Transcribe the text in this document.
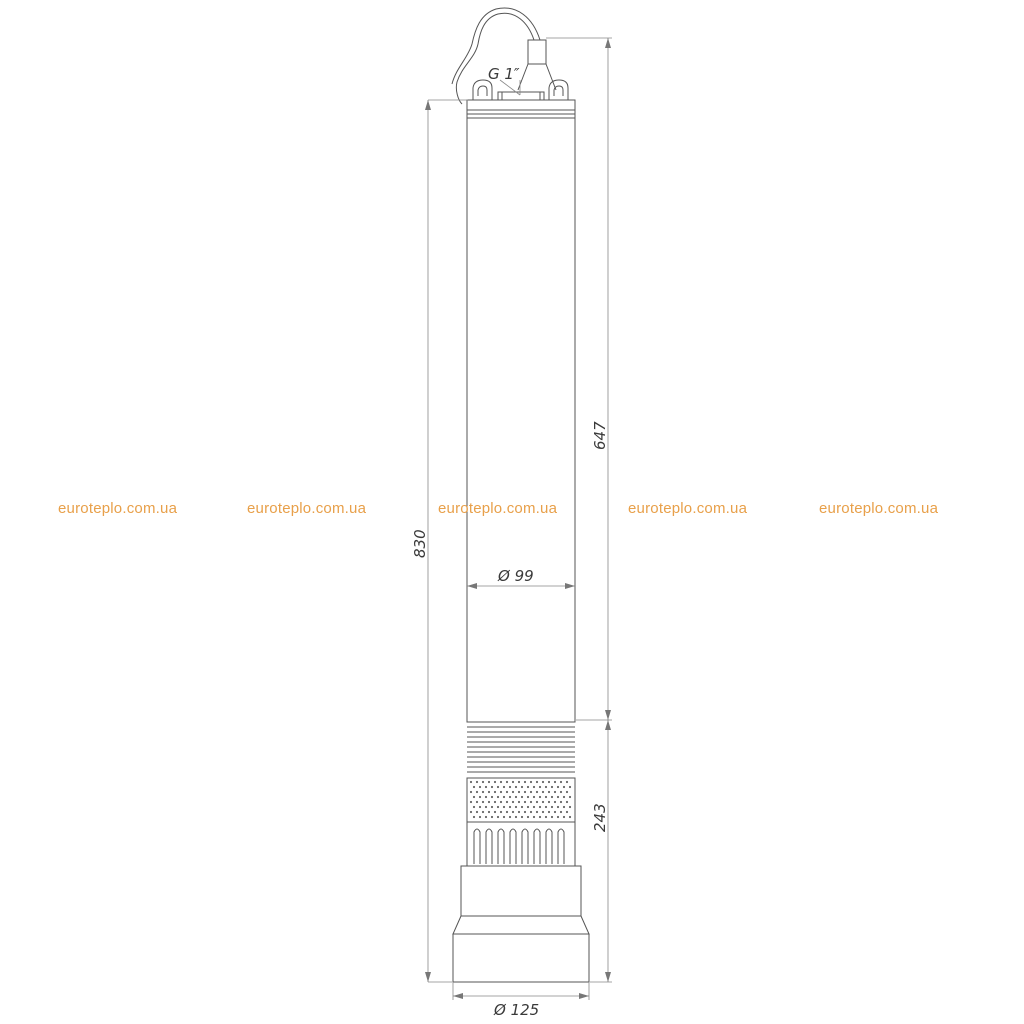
G 1″
830
647
243
Ø 99
Ø 125
euroteplo.com.ua	euroteplo.com.ua	euroteplo.com.ua	euroteplo.com.ua	euroteplo.com.ua
